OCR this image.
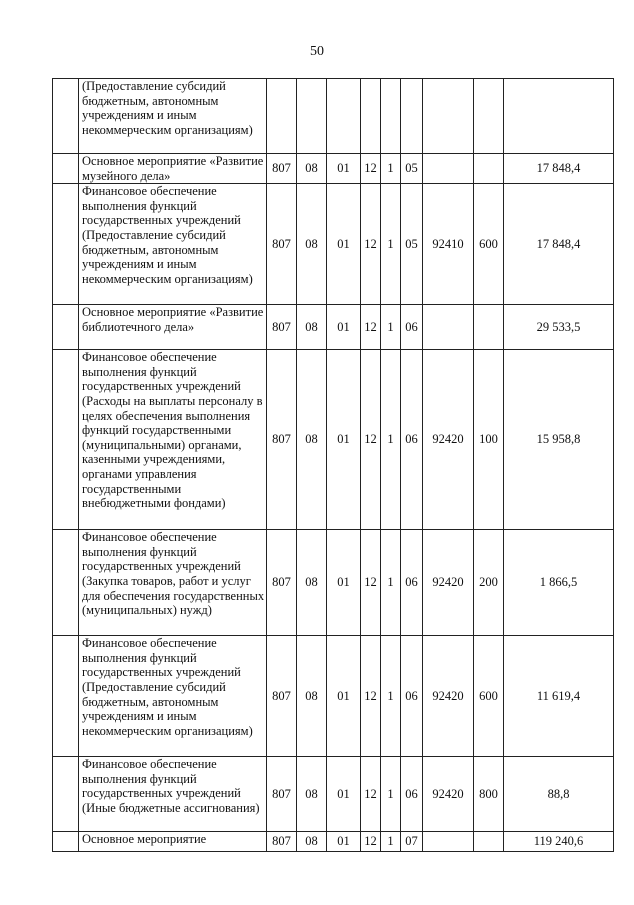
50
	(Предоставление субсидий бюджетным, автономным учреждениям и иным некоммерческим организациям)									
	Основное мероприятие «Развитие музейного дела»	807	08	01	12	1	05			17 848,4
	Финансовое обеспечение выполнения функций государственных учреждений (Предоставление субсидий бюджетным, автономным учреждениям и иным некоммерческим организациям)	807	08	01	12	1	05	92410	600	17 848,4
	Основное мероприятие «Развитие библиотечного дела»	807	08	01	12	1	06			29 533,5
	Финансовое обеспечение выполнения функций государственных учреждений (Расходы на выплаты персоналу в целях обеспечения выполнения функций государственными (муниципальными) органами, казенными учреждениями, органами управления государственными внебюджетными фондами)	807	08	01	12	1	06	92420	100	15 958,8
	Финансовое обеспечение выполнения функций государственных учреждений (Закупка товаров, работ и услуг для обеспечения государственных (муниципальных) нужд)	807	08	01	12	1	06	92420	200	1 866,5
	Финансовое обеспечение выполнения функций государственных учреждений (Предоставление субсидий бюджетным, автономным учреждениям и иным некоммерческим организациям)	807	08	01	12	1	06	92420	600	11 619,4
	Финансовое обеспечение выполнения функций государственных учреждений (Иные бюджетные ассигнования)	807	08	01	12	1	06	92420	800	88,8
	Основное мероприятие	807	08	01	12	1	07			119 240,6
